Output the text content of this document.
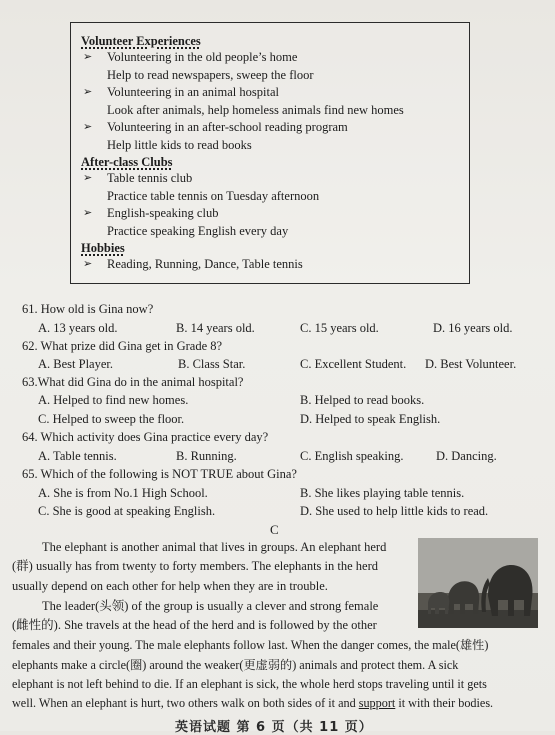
Volunteer Experiences
➢ Volunteering in the old people’s home
Help to read newspapers, sweep the floor
➢ Volunteering in an animal hospital
Look after animals, help homeless animals find new homes
➢ Volunteering in an after-school reading program
Help little kids to read books
After-class Clubs
➢ Table tennis club
Practice table tennis on Tuesday afternoon
➢ English-speaking club
Practice speaking English every day
Hobbies
➢ Reading, Running, Dance, Table tennis
61. How old is Gina now?
A. 13 years old.	B. 14 years old.	C. 15 years old.	D. 16 years old.
62. What prize did Gina get in Grade 8?
A. Best Player.	B. Class Star.	C. Excellent Student. D. Best Volunteer.
63.What did Gina do in the animal hospital?
A. Helped to find new homes.	B. Helped to read books.
C. Helped to sweep the floor.	D. Helped to speak English.
64. Which activity does Gina practice every day?
A. Table tennis.	B. Running.	C. English speaking.	D. Dancing.
65. Which of the following is NOT TRUE about Gina?
A. She is from No.1 High School.	B. She likes playing table tennis.
C. She is good at speaking English.	D. She used to help little kids to read.
C
The elephant is another animal that lives in groups. An elephant herd
(群) usually has from twenty to forty members. The elephants in the herd
usually depend on each other for help when they are in trouble.
The leader(头领) of the group is usually a clever and strong female
(雌性的). She travels at the head of the herd and is followed by the other
females and their young. The male elephants follow last. When the danger comes, the male(雄性)
elephants make a circle(圈) around the weaker(更虚弱的) animals and protect them. A sick
elephant is not left behind to die. If an elephant is sick, the whole herd stops traveling until it gets
well. When an elephant is hurt, two others walk on both sides of it and support it with their bodies.
英语试题 第 6 页（共 11 页）
